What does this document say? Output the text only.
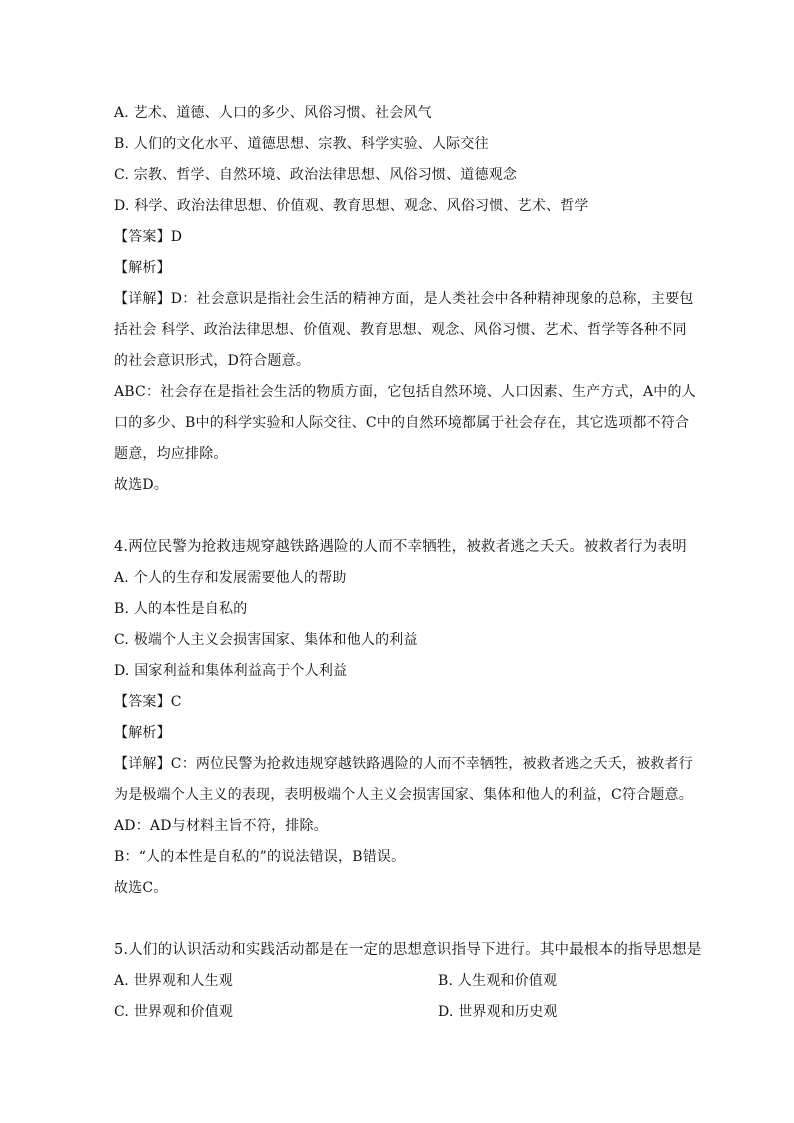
A. 艺术、道德、人口的多少、风俗习惯、社会风气
B. 人们的文化水平、道德思想、宗教、科学实验、人际交往
C. 宗教、哲学、自然环境、政治法律思想、风俗习惯、道德观念
D. 科学、政治法律思想、价值观、教育思想、观念、风俗习惯、艺术、哲学
【答案】D
【解析】
【详解】D：社会意识是指社会生活的精神方面，是人类社会中各种精神现象的总称，主要包
括社会 科学、政治法律思想、价值观、教育思想、观念、风俗习惯、艺术、哲学等各种不同
的社会意识形式，D符合题意。
ABC：社会存在是指社会生活的物质方面，它包括自然环境、人口因素、生产方式，A中的人
口的多少、B中的科学实验和人际交往、C中的自然环境都属于社会存在，其它选项都不符合
题意，均应排除。
故选D。
4.两位民警为抢救违规穿越铁路遇险的人而不幸牺牲，被救者逃之夭夭。被救者行为表明
A. 个人的生存和发展需要他人的帮助
B. 人的本性是自私的
C. 极端个人主义会损害国家、集体和他人的利益
D. 国家利益和集体利益高于个人利益
【答案】C
【解析】
【详解】C：两位民警为抢救违规穿越铁路遇险的人而不幸牺牲，被救者逃之夭夭，被救者行
为是极端个人主义的表现，表明极端个人主义会损害国家、集体和他人的利益，C符合题意。
AD：AD与材料主旨不符，排除。
B：“人的本性是自私的”的说法错误，B错误。
故选C。
5.人们的认识活动和实践活动都是在一定的思想意识指导下进行。其中最根本的指导思想是
A. 世界观和人生观	B. 人生观和价值观
C. 世界观和价值观	D. 世界观和历史观
